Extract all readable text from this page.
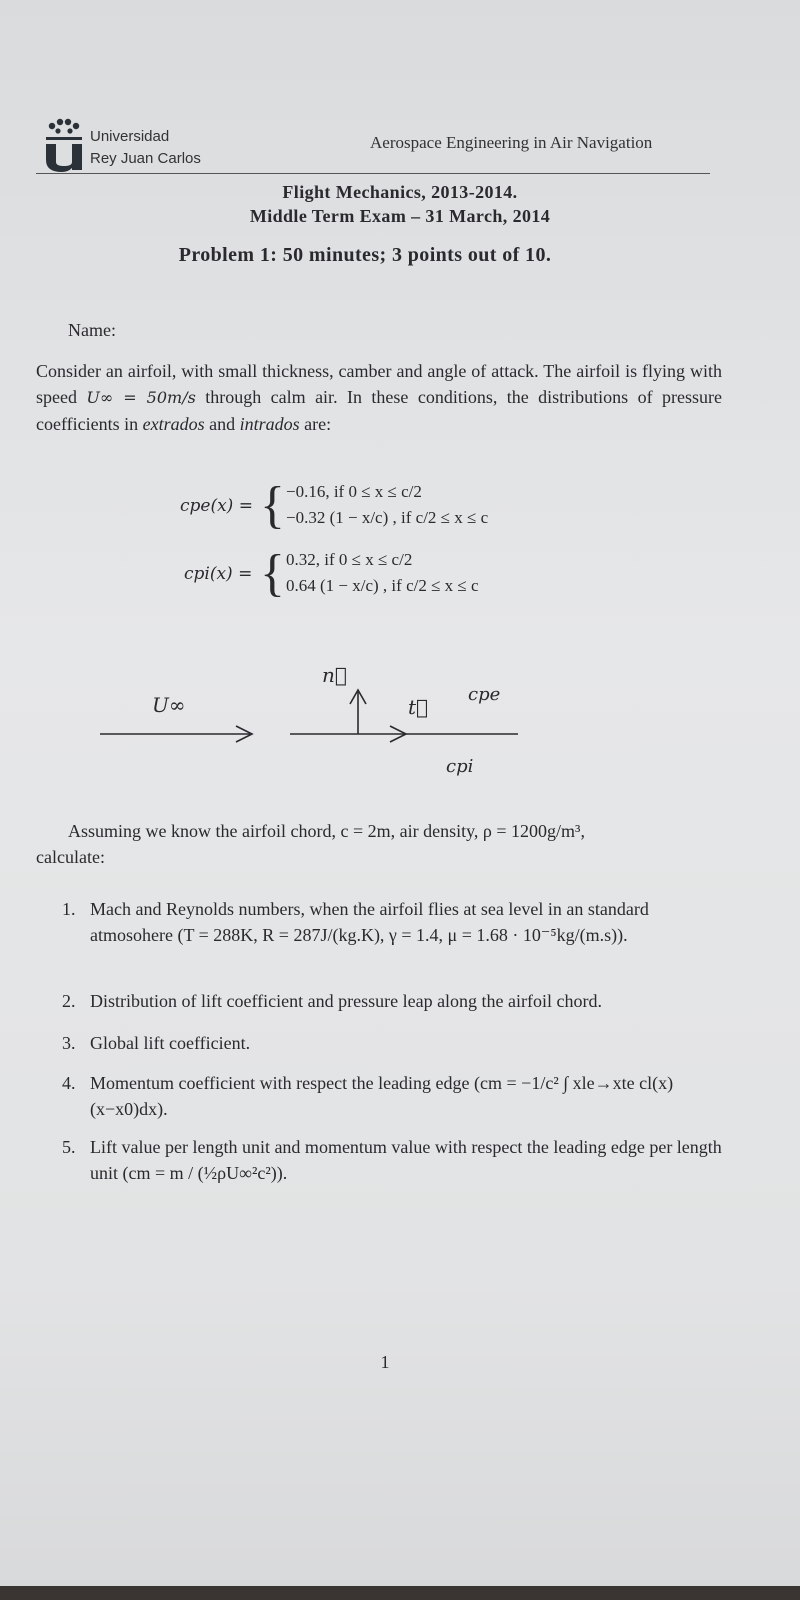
Universidad
Rey Juan Carlos
Aerospace Engineering in Air Navigation
Flight Mechanics, 2013-2014.
Middle Term Exam – 31 March, 2014
Problem 1: 50 minutes; 3 points out of 10.
Name:
Consider an airfoil, with small thickness, camber and angle of attack. The airfoil is flying with speed U∞ = 50m/s through calm air. In these conditions, the distributions of pressure coefficients in extrados and intrados are:
cpe(x) = { −0.16, if 0 ≤ x ≤ c/2
−0.32 (1 − x/c) , if c/2 ≤ x ≤ c
cpi(x) = { 0.32, if 0 ≤ x ≤ c/2
0.64 (1 − x/c) , if c/2 ≤ x ≤ c
U∞
n⃗
t⃗
cpe
cpi
Assuming we know the airfoil chord, c = 2m, air density, ρ = 1200g/m³,
calculate:
1. Mach and Reynolds numbers, when the airfoil flies at sea level in an standard atmosohere (T = 288K, R = 287J/(kg.K), γ = 1.4, μ = 1.68 · 10⁻⁵kg/(m.s)).
2. Distribution of lift coefficient and pressure leap along the airfoil chord.
3. Global lift coefficient.
4. Momentum coefficient with respect the leading edge (cm = −1/c² ∫ xle→xte cl(x)(x−x0)dx).
5. Lift value per length unit and momentum value with respect the leading edge per length unit (cm = m / (½ρU∞²c²)).
1
